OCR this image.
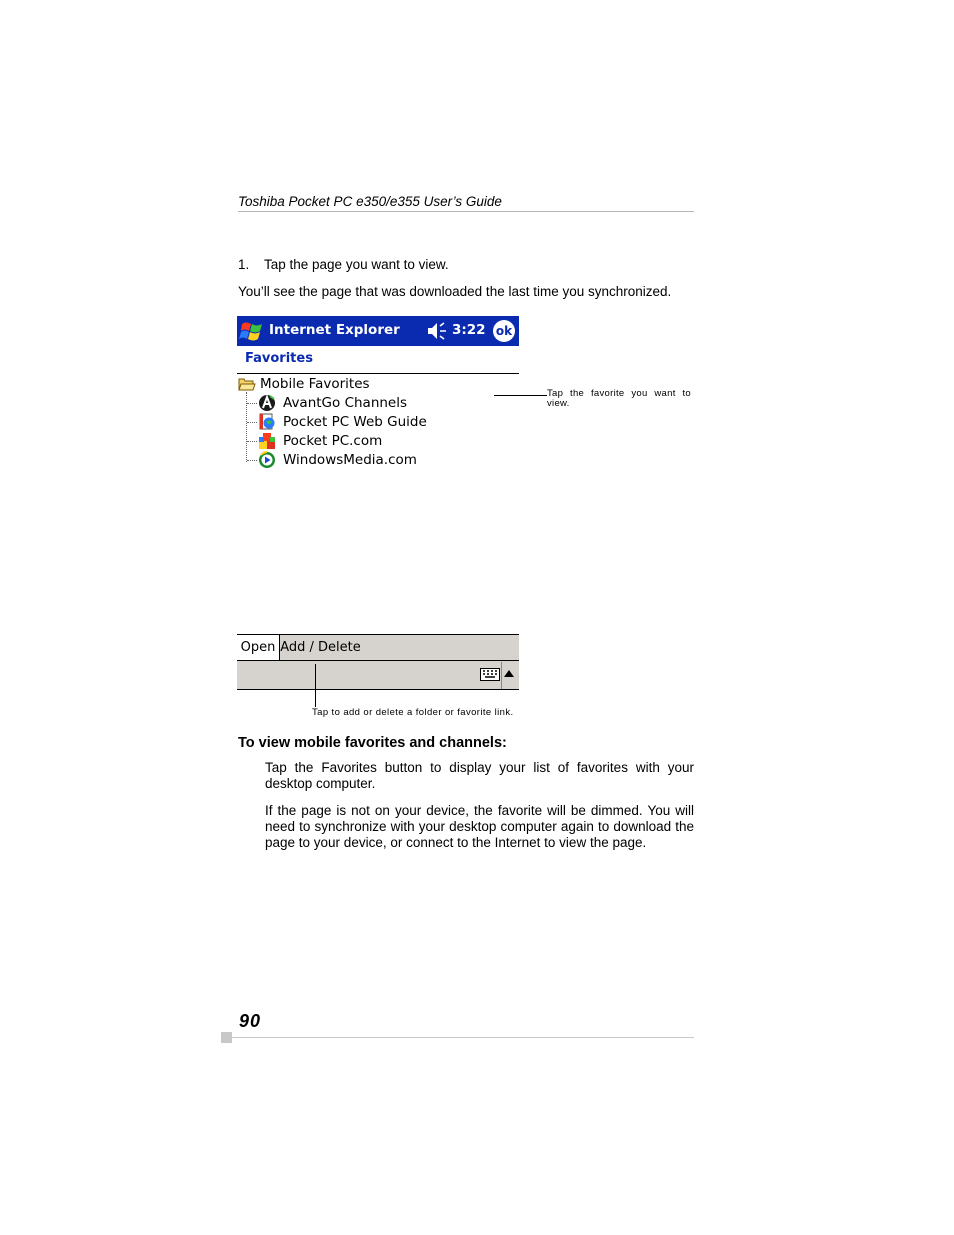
Toshiba Pocket PC e350/e355 User’s Guide
1. Tap the page you want to view.
You’ll see the page that was downloaded the last time you synchronized.
Internet Explorer	3:22 ok
Favorites
Mobile Favorites
AvantGo Channels
Pocket PC Web Guide
Pocket PC.com
WindowsMedia.com
Tap the favorite you want to view.
Open Add / Delete
Tap to add or delete a folder or favorite link.
To view mobile favorites and channels:
Tap the Favorites button to display your list of favorites with your desktop computer.
If the page is not on your device, the favorite will be dimmed. You will need to synchronize with your desktop computer again to download the page to your device, or connect to the Internet to view the page.
90
